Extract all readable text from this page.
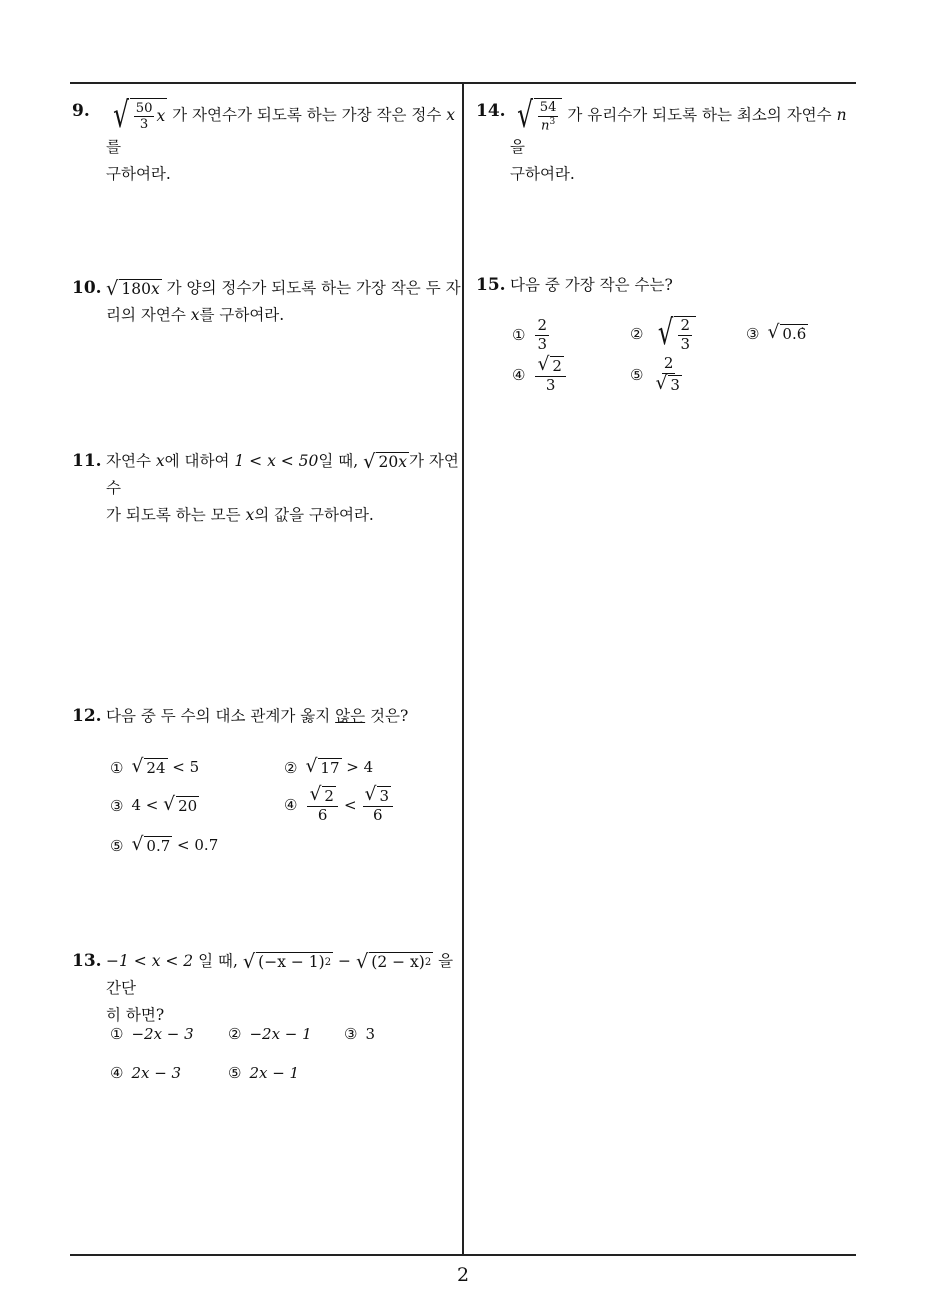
9. √ $\frac{50}{3}$ x 가 자연수가 되도록 하는 가장 작은 정수 x 를
구하여라.
10. √ 180 x 가 양의 정수가 되도록 하는 가장 작은 두 자
리의 자연수 x를 구하여라.
11. 자연수 x에 대하여 1 < x < 50일 때, √ 20 x 가 자연수
가 되도록 하는 모든 x의 값을 구하여라.
12. 다음 중 두 수의 대소 관계가 옳지 않은 것은?
① √ 24 < 5	② √ 17 > 4
③ 4 < √ 20	④ $\frac{√ 2}{6} < \frac{√ 3}{6}$
⑤ √ 0.7 < 0.7
13. −1 < x < 2 일 때, √ (−x − 1) 2 − √ (2 − x) 2 을 간단
히 하면?
① −2x − 3 ② −2x − 1 ③ 3
④ 2x − 3	⑤ 2x − 1
14. √ $\frac{54}{n^3}$ 가 유리수가 되도록 하는 최소의 자연수 n 을
구하여라.
15. 다음 중 가장 작은 수는?
① $\frac{2}{3}$	② √ $\frac{2}{3}$	③ √ 0.6̇
④ $\frac{√ 2}{3}$	⑤ $\frac{2}{√ 3}$
2
